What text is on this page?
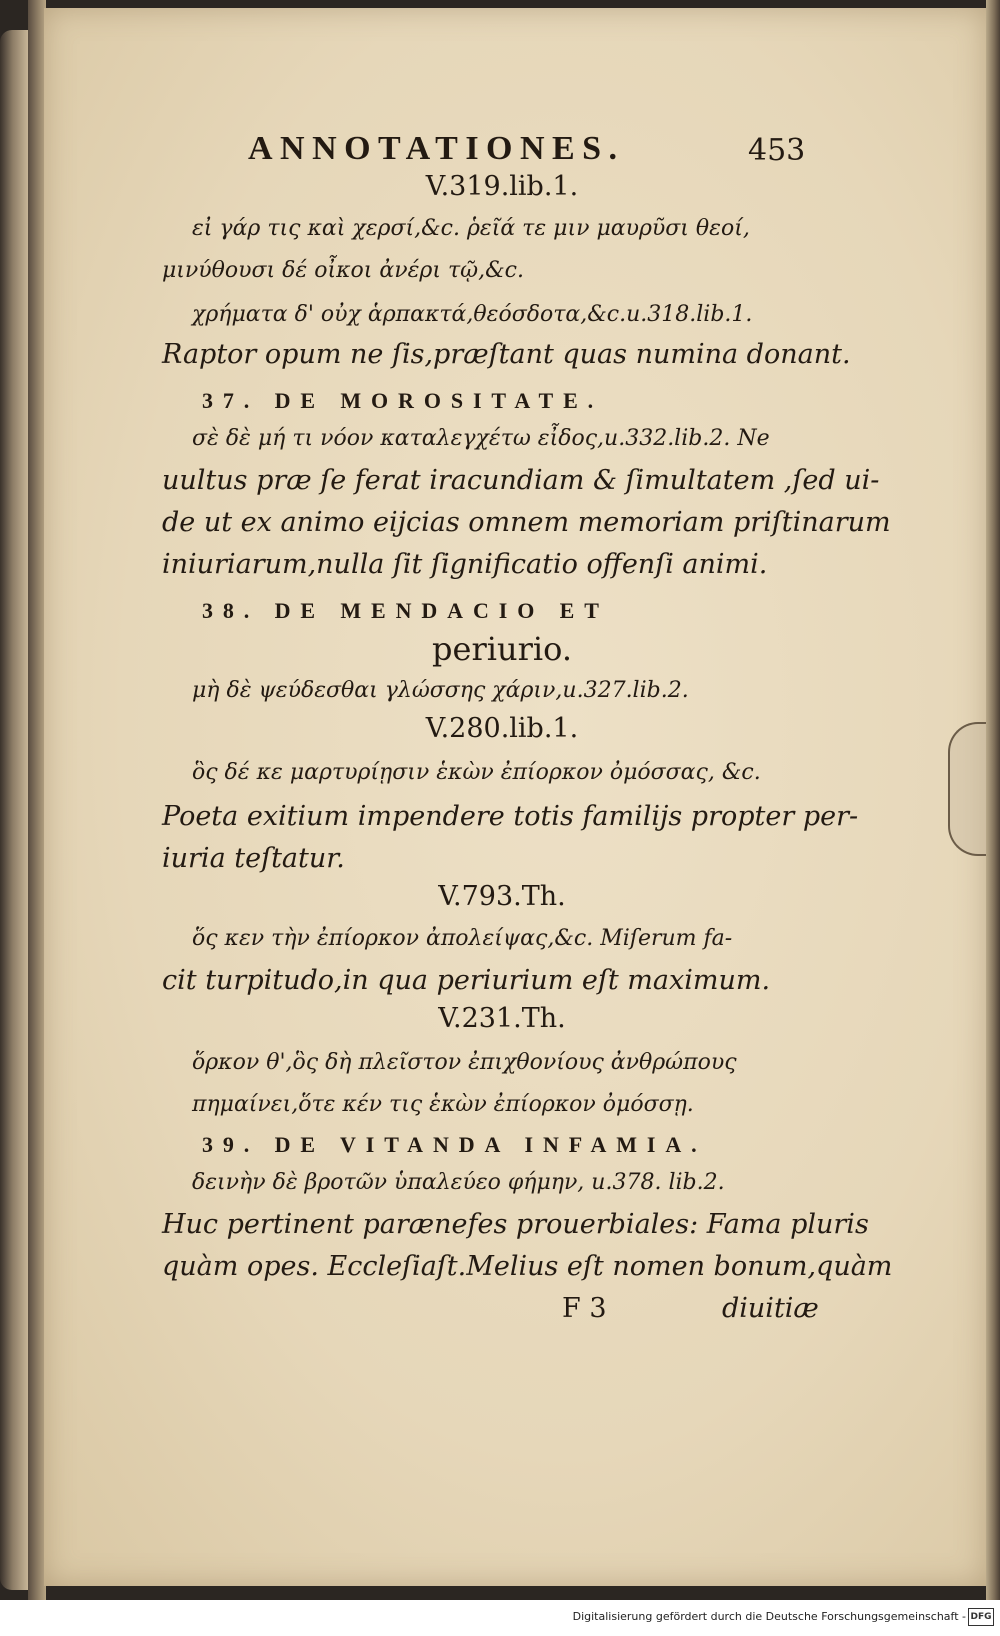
ANNOTATIONES.	453
V.319.lib.1.
εἰ γάρ τις καὶ χερσί,&c. ῥεῖά τε μιν μαυρῦσι θεοί,
μινύθουσι δέ οἶκοι ἀνέρι τῷ,&c.
χρήματα δ' οὐχ ἁρπακτά,θεόσδοτα,&c.u.318.lib.1.
Raptor opum ne ſis,præſtant quas numina donant.
37. DE MOROSITATE.
σὲ δὲ μή τι νόον καταλεγχέτω εἶδος,u.332.lib.2. Ne
uultus præ ſe ferat iracundiam & ſimultatem ,ſed ui-
de ut ex animo eijcias omnem memoriam priſtinarum
iniuriarum,nulla ſit ſignificatio offenſi animi.
38. DE MENDACIO ET
periurio.
μὴ δὲ ψεύδεσθαι γλώσσης χάριν,u.327.lib.2.
V.280.lib.1.
ὃς δέ κε μαρτυρίῃσιν ἑκὼν ἐπίορκον ὀμόσσας, &c.
Poeta exitium impendere totis familijs propter per-
iuria teſtatur.
V.793.Th.
ὅς κεν τὴν ἐπίορκον ἀπολείψας,&c. Miſerum fa-
cit turpitudo,in qua periurium eſt maximum.
V.231.Th.
ὅρκον θ',ὃς δὴ πλεῖστον ἐπιχθονίους ἀνθρώπους
πημαίνει,ὅτε κέν τις ἑκὼν ἐπίορκον ὀμόσσῃ.
39. DE VITANDA INFAMIA.
δεινὴν δὲ βροτῶν ὑπαλεύεο φήμην, u.378. lib.2.
Huc pertinent parænefes prouerbiales: Fama pluris
quàm opes. Eccleſiaſt.Melius eſt nomen bonum,quàm
F 3	diuitiæ
Digitalisierung gefördert durch die Deutsche Forschungsgemeinschaft - DFG
